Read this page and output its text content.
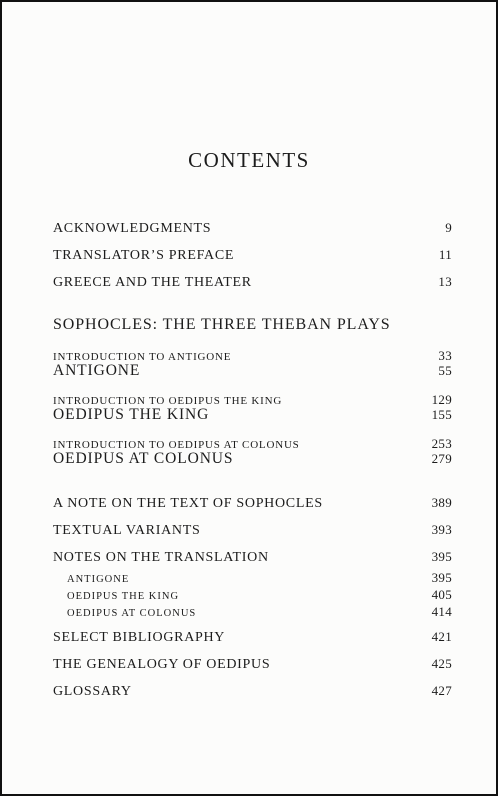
CONTENTS
ACKNOWLEDGMENTS	9
TRANSLATOR’S PREFACE	11
GREECE AND THE THEATER	13
SOPHOCLES: THE THREE THEBAN PLAYS
INTRODUCTION TO ANTIGONE	33
ANTIGONE	55
INTRODUCTION TO OEDIPUS THE KING	129
OEDIPUS THE KING	155
INTRODUCTION TO OEDIPUS AT COLONUS	253
OEDIPUS AT COLONUS	279
A NOTE ON THE TEXT OF SOPHOCLES	389
TEXTUAL VARIANTS	393
NOTES ON THE TRANSLATION	395
ANTIGONE	395
OEDIPUS THE KING	405
OEDIPUS AT COLONUS	414
SELECT BIBLIOGRAPHY	421
THE GENEALOGY OF OEDIPUS	425
GLOSSARY	427
